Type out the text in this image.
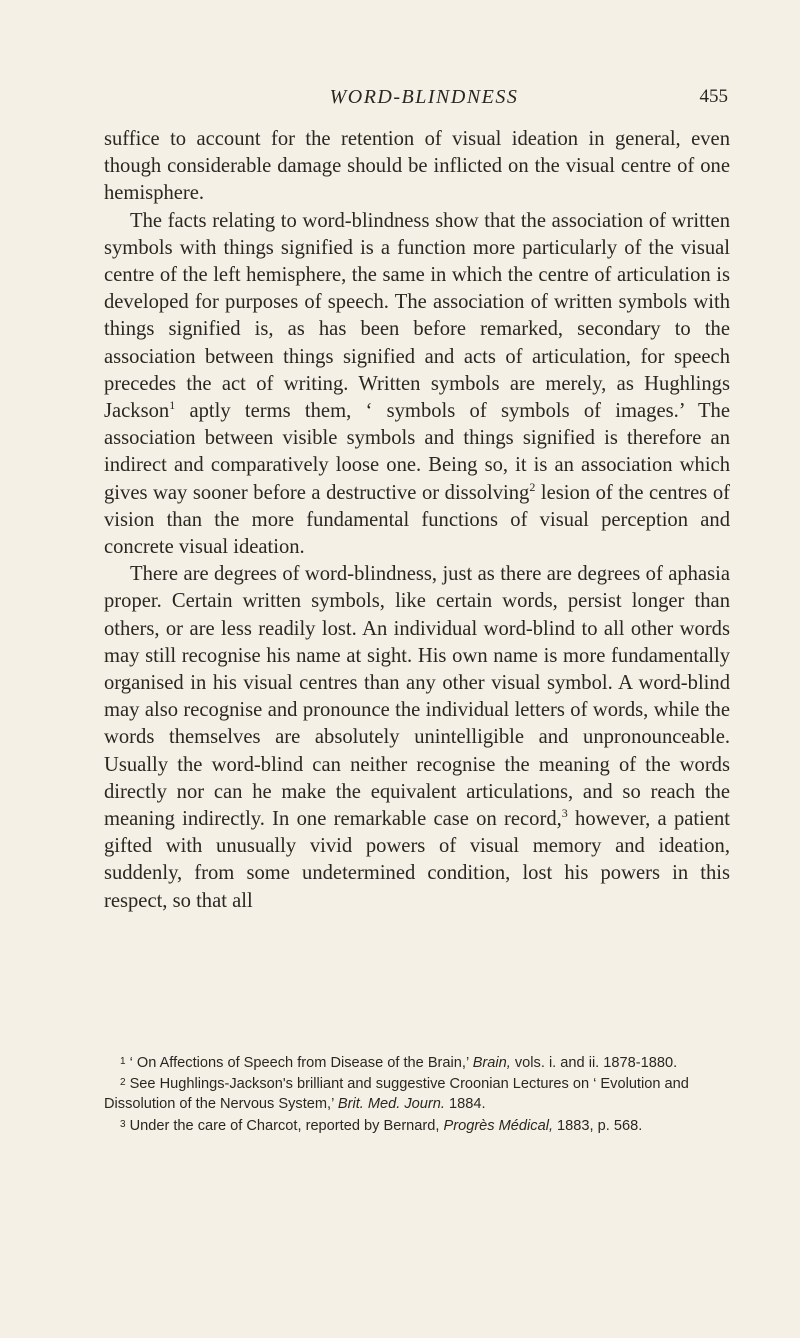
WORD-BLINDNESS	455

suffice to account for the retention of visual ideation in general, even though considerable damage should be inflicted on the visual centre of one hemisphere.

The facts relating to word-blindness show that the association of written symbols with things signified is a function more particularly of the visual centre of the left hemisphere, the same in which the centre of articulation is developed for purposes of speech. The association of written symbols with things signified is, as has been before remarked, secondary to the association between things signified and acts of articulation, for speech precedes the act of writing. Written symbols are merely, as Hughlings Jackson$^1$ aptly terms them, ‘ symbols of symbols of images.’ The association between visible symbols and things signified is therefore an indirect and comparatively loose one. Being so, it is an association which gives way sooner before a destructive or dissolving$^2$ lesion of the centres of vision than the more fundamental functions of visual perception and concrete visual ideation.

There are degrees of word-blindness, just as there are degrees of aphasia proper. Certain written symbols, like certain words, persist longer than others, or are less readily lost. An individual word-blind to all other words may still recognise his name at sight. His own name is more fundamentally organised in his visual centres than any other visual symbol. A word-blind may also recognise and pronounce the individual letters of words, while the words themselves are absolutely unintelligible and unpronounceable. Usually the word-blind can neither recognise the meaning of the words directly nor can he make the equivalent articulations, and so reach the meaning indirectly. In one remarkable case on record,$^3$ however, a patient gifted with unusually vivid powers of visual memory and ideation, suddenly, from some undetermined condition, lost his powers in this respect, so that all

$^1$ ‘ On Affections of Speech from Disease of the Brain,’ Brain, vols. i. and ii. 1878-1880.

$^2$ See Hughlings-Jackson's brilliant and suggestive Croonian Lectures on ‘ Evolution and Dissolution of the Nervous System,’ Brit. Med. Journ. 1884.

$^3$ Under the care of Charcot, reported by Bernard, Progrès Médical, 1883, p. 568.
